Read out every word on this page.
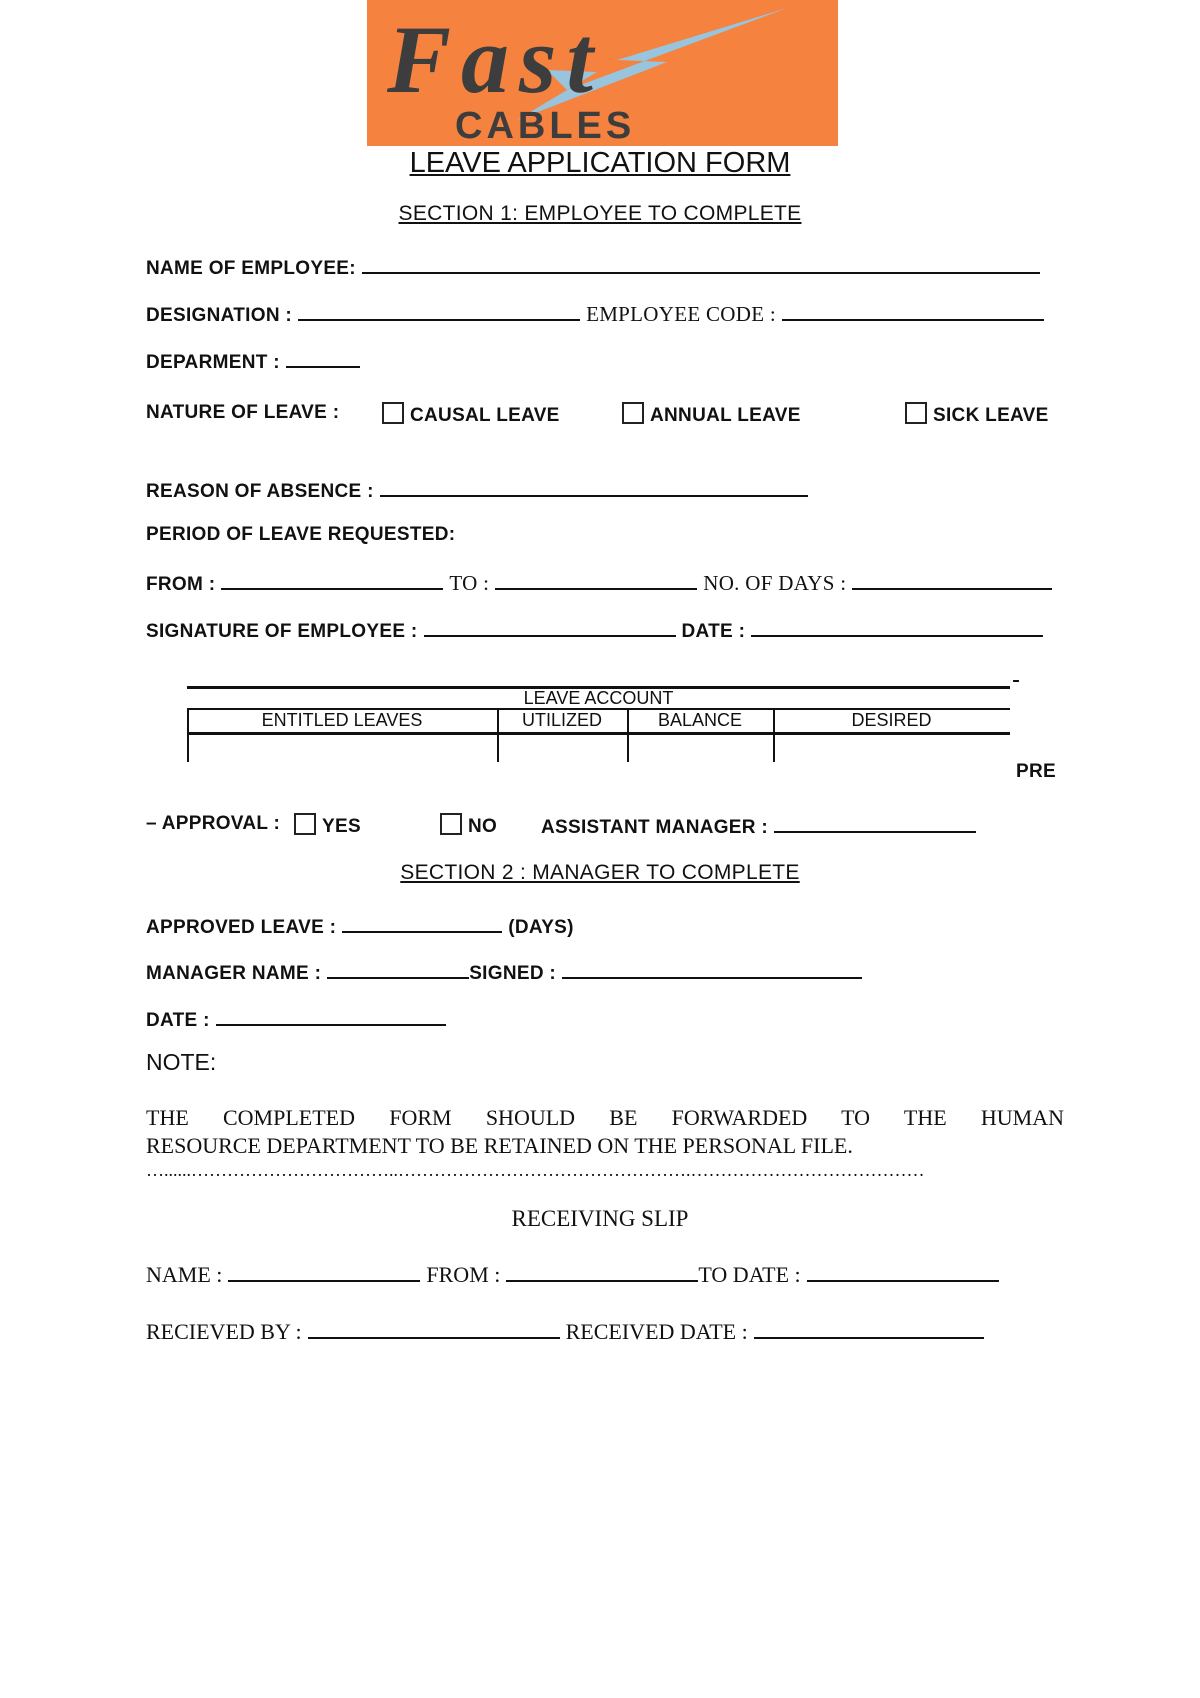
Fast
CABLES
LEAVE APPLICATION FORM
SECTION 1: EMPLOYEE TO COMPLETE
NAME OF EMPLOYEE:
DESIGNATION :	EMPLOYEE CODE :
DEPARMENT :
NATURE OF LEAVE :	CAUSAL LEAVE	ANNUAL LEAVE	SICK LEAVE
REASON OF ABSENCE :
PERIOD OF LEAVE REQUESTED:
FROM :	TO :	NO. OF DAYS :
SIGNATURE OF EMPLOYEE :	DATE :
LEAVE ACCOUNT
ENTITLED LEAVES	UTILIZED	BALANCE	DESIRED
PRE
– APPROVAL :	YES	NO ASSISTANT MANAGER :
SECTION 2 : MANAGER TO COMPLETE
APPROVED LEAVE :	(DAYS)
MANAGER NAME :	SIGNED :
DATE :
NOTE:
THE COMPLETED FORM SHOULD BE FORWARDED TO THE HUMAN
RESOURCE DEPARTMENT TO BE RETAINED ON THE PERSONAL FILE.
…......……………………………..………………………………………….…………………………………
RECEIVING SLIP
NAME :	FROM :	TO DATE :
RECIEVED BY :	RECEIVED DATE :
